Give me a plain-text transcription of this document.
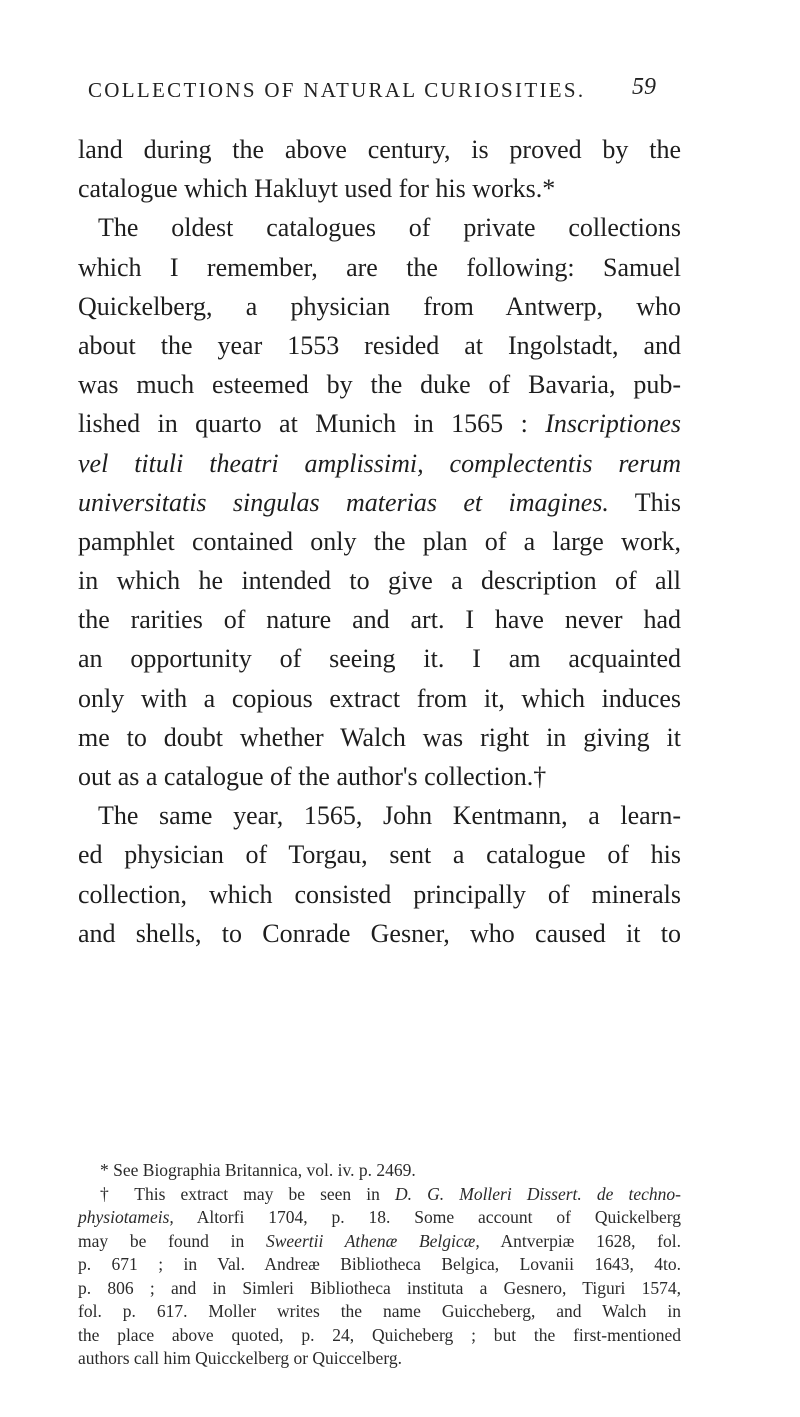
COLLECTIONS OF NATURAL CURIOSITIES.	59
land during the above century, is proved by the
catalogue which Hakluyt used for his works.*
The oldest catalogues of private collections
which I remember, are the following: Samuel
Quickelberg, a physician from Antwerp, who
about the year 1553 resided at Ingolstadt, and
was much esteemed by the duke of Bavaria, pub-
lished in quarto at Munich in 1565 : Inscriptiones
vel tituli theatri amplissimi, complectentis rerum
universitatis singulas materias et imagines. This
pamphlet contained only the plan of a large work,
in which he intended to give a description of all
the rarities of nature and art. I have never had
an opportunity of seeing it. I am acquainted
only with a copious extract from it, which induces
me to doubt whether Walch was right in giving it
out as a catalogue of the author's collection.†
The same year, 1565, John Kentmann, a learn-
ed physician of Torgau, sent a catalogue of his
collection, which consisted principally of minerals
and shells, to Conrade Gesner, who caused it to
* See Biographia Britannica, vol. iv. p. 2469.
† This extract may be seen in D. G. Molleri Dissert. de techno-
physiotameis, Altorfi 1704, p. 18. Some account of Quickelberg
may be found in Sweertii Athenæ Belgicæ, Antverpiæ 1628, fol.
p. 671 ; in Val. Andreæ Bibliotheca Belgica, Lovanii 1643, 4to.
p. 806 ; and in Simleri Bibliotheca instituta a Gesnero, Tiguri 1574,
fol. p. 617. Moller writes the name Guiccheberg, and Walch in
the place above quoted, p. 24, Quicheberg ; but the first-mentioned
authors call him Quicckelberg or Quiccelberg.
